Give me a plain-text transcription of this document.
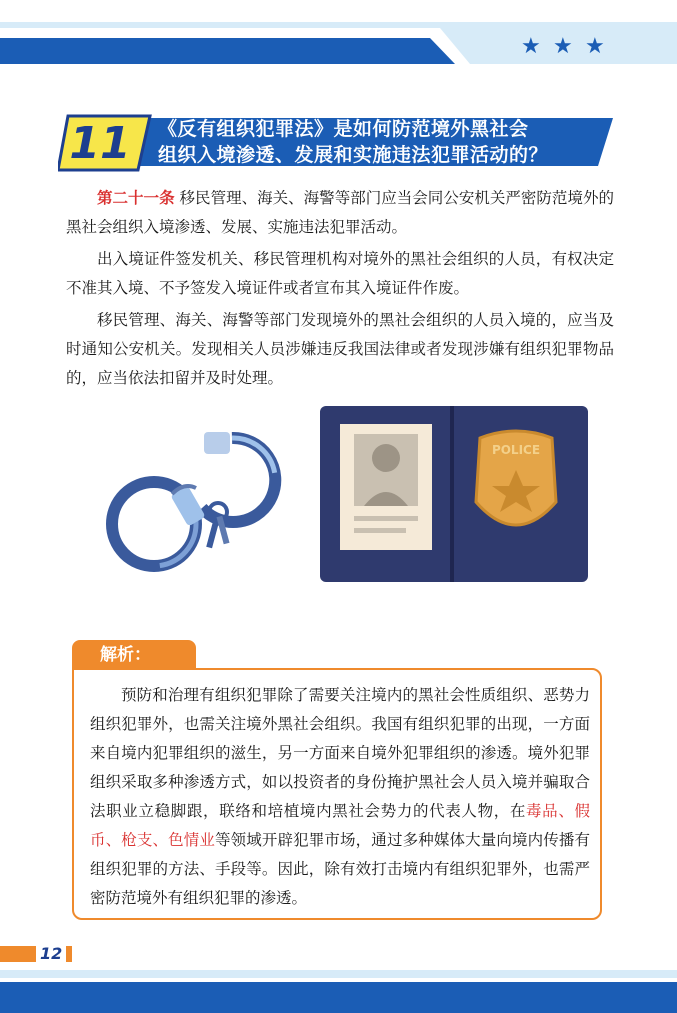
★ ★ ★
11 《反有组织犯罪法》是如何防范境外黑社会
组织入境渗透、发展和实施违法犯罪活动的？

第二十一条 移民管理、海关、海警等部门应当会同公安机关严密防范境外的黑社会组织入境渗透、发展、实施违法犯罪活动。

出入境证件签发机关、移民管理机构对境外的黑社会组织的人员，有权决定不准其入境、不予签发入境证件或者宣布其入境证件作废。

移民管理、海关、海警等部门发现境外的黑社会组织的人员入境的，应当及时通知公安机关。发现相关人员涉嫌违反我国法律或者发现涉嫌有组织犯罪物品的，应当依法扣留并及时处理。

POLICE
解析：

预防和治理有组织犯罪除了需要关注境内的黑社会性质组织、恶势力组织犯罪外，也需关注境外黑社会组织。我国有组织犯罪的出现，一方面来自境内犯罪组织的滋生，另一方面来自境外犯罪组织的渗透。境外犯罪组织采取多种渗透方式，如以投资者的身份掩护黑社会人员入境并骗取合法职业立稳脚跟，联络和培植境内黑社会势力的代表人物，在毒品、假币、枪支、色情业等领域开辟犯罪市场，通过多种媒体大量向境内传播有组织犯罪的方法、手段等。因此，除有效打击境内有组织犯罪外，也需严密防范境外有组织犯罪的渗透。

12
